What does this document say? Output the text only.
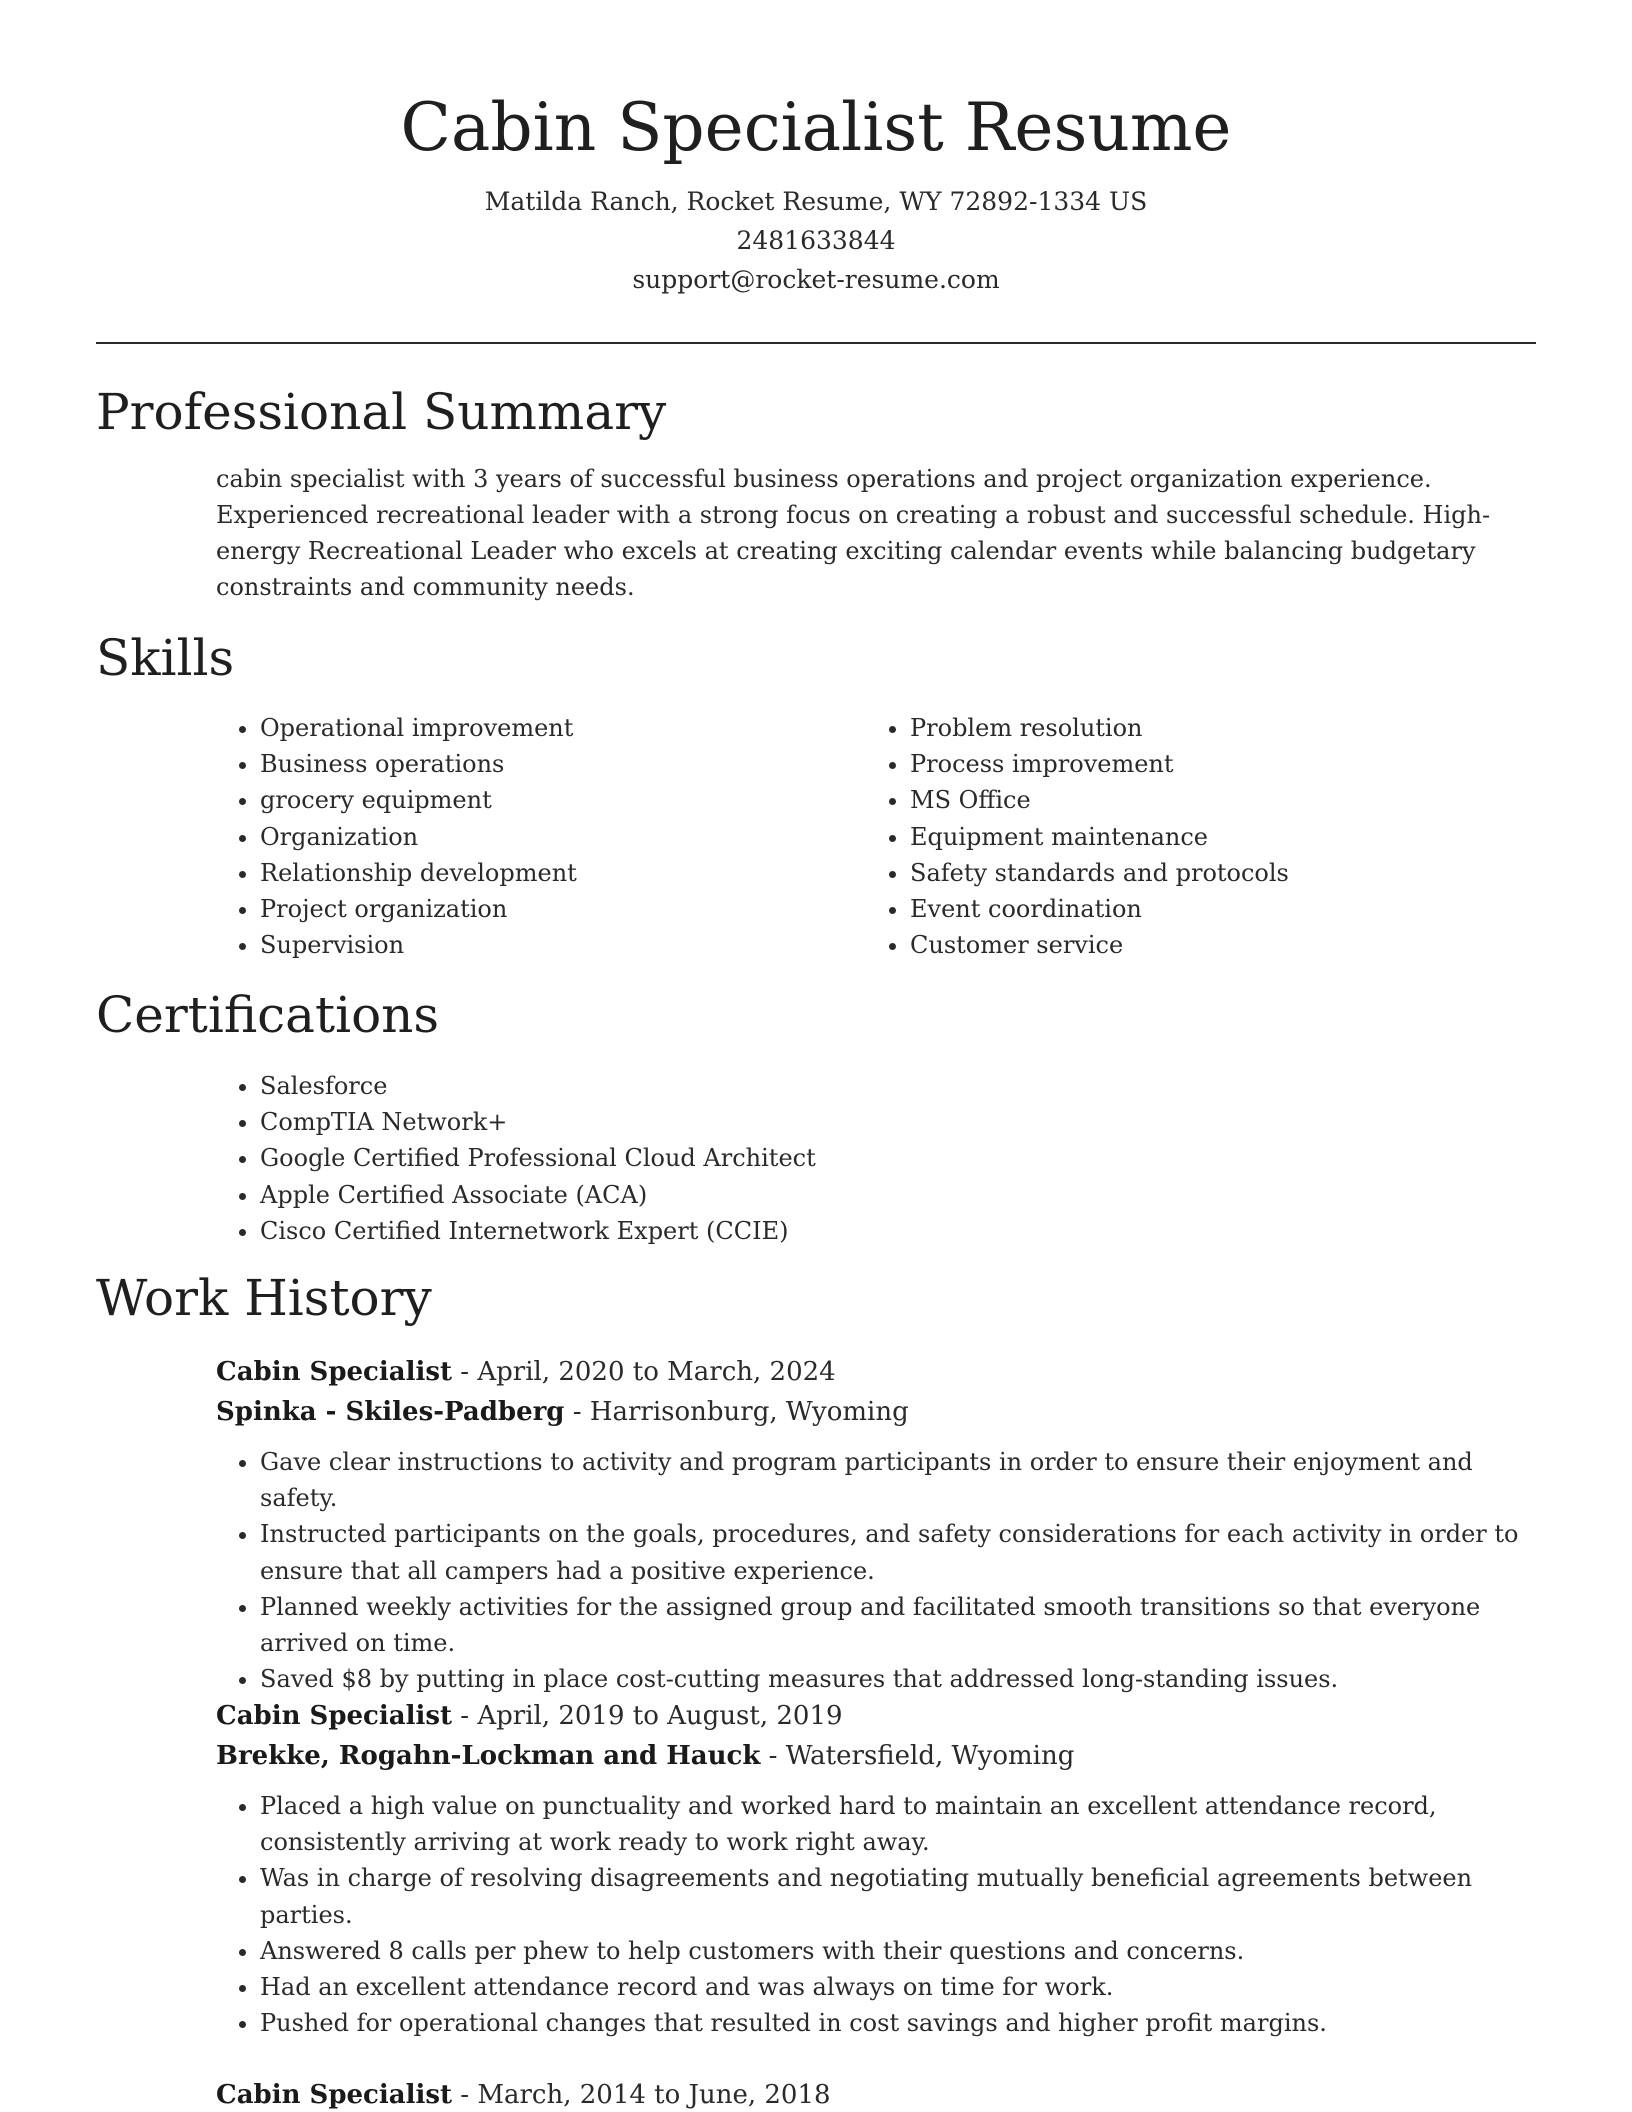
Cabin Specialist Resume
Matilda Ranch, Rocket Resume, WY 72892-1334 US
2481633844
support@rocket-resume.com
Professional Summary

cabin specialist with 3 years of successful business operations and project organization experience. Experienced recreational leader with a strong focus on creating a robust and successful schedule. High-energy Recreational Leader who excels at creating exciting calendar events while balancing budgetary constraints and community needs.

Skills
• Operational improvement
• Business operations
• grocery equipment
• Organization
• Relationship development
• Project organization
• Supervision
• Problem resolution
• Process improvement
• MS Office
• Equipment maintenance
• Safety standards and protocols
• Event coordination
• Customer service
Certifications
• Salesforce
• CompTIA Network+
• Google Certified Professional Cloud Architect
• Apple Certified Associate (ACA)
• Cisco Certified Internetwork Expert (CCIE)
Work History
Cabin Specialist - April, 2020 to March, 2024
Spinka - Skiles-Padberg - Harrisonburg, Wyoming
• Gave clear instructions to activity and program participants in order to ensure their enjoyment and safety.
• Instructed participants on the goals, procedures, and safety considerations for each activity in order to ensure that all campers had a positive experience.
• Planned weekly activities for the assigned group and facilitated smooth transitions so that everyone arrived on time.
• Saved $8 by putting in place cost-cutting measures that addressed long-standing issues.
Cabin Specialist - April, 2019 to August, 2019
Brekke, Rogahn-Lockman and Hauck - Watersfield, Wyoming
• Placed a high value on punctuality and worked hard to maintain an excellent attendance record, consistently arriving at work ready to work right away.
• Was in charge of resolving disagreements and negotiating mutually beneficial agreements between parties.
• Answered 8 calls per phew to help customers with their questions and concerns.
• Had an excellent attendance record and was always on time for work.
• Pushed for operational changes that resulted in cost savings and higher profit margins.
Cabin Specialist - March, 2014 to June, 2018
